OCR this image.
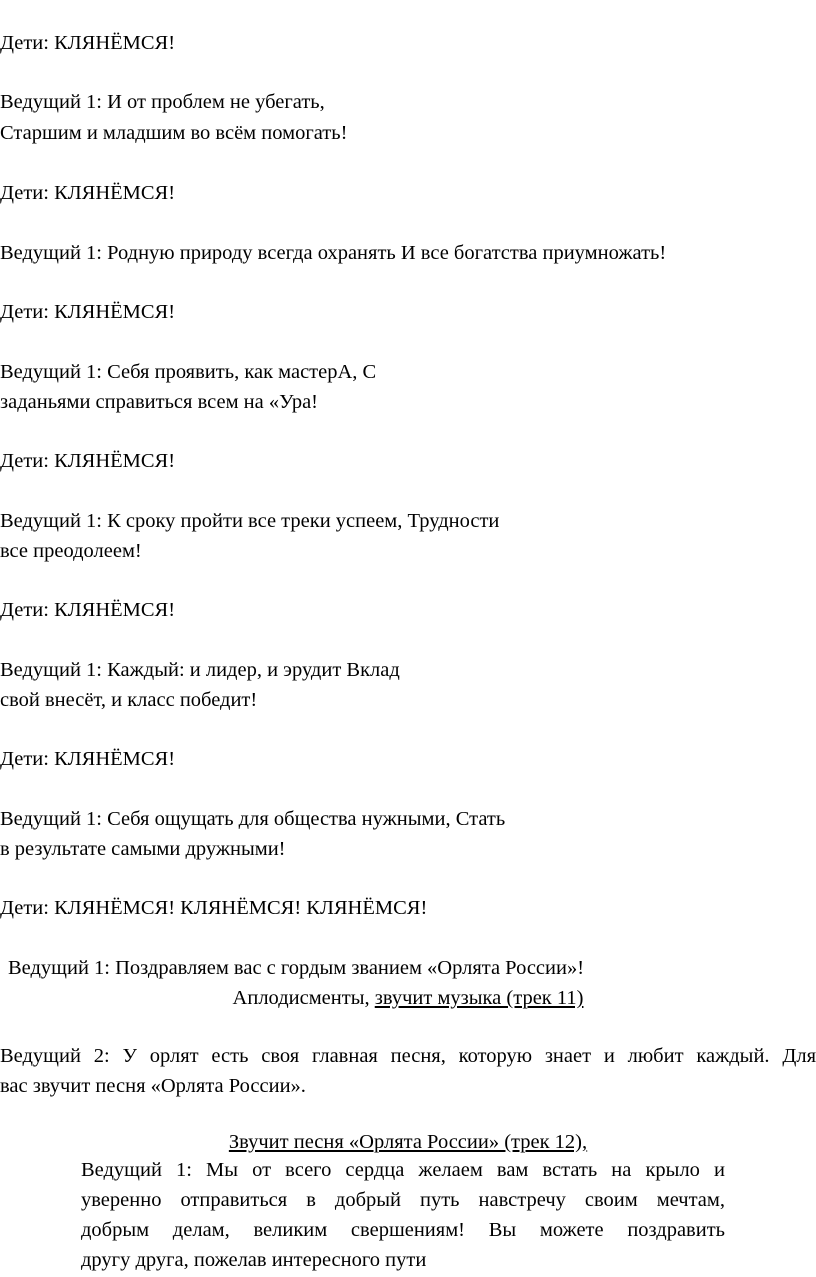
Дети: КЛЯНЁМСЯ!
Ведущий 1: И от проблем не убегать,
Старшим и младшим во всём помогать!
Дети: КЛЯНЁМСЯ!
Ведущий 1: Родную природу всегда охранять И все богатства приумножать!
Дети: КЛЯНЁМСЯ!
Ведущий 1: Себя проявить, как мастерА, С
заданьями справиться всем на «Ура!
Дети: КЛЯНЁМСЯ!
Ведущий 1: К сроку пройти все треки успеем, Трудности
все преодолеем!
Дети: КЛЯНЁМСЯ!
Ведущий 1: Каждый: и лидер, и эрудит Вклад
свой внесёт, и класс победит!
Дети: КЛЯНЁМСЯ!
Ведущий 1: Себя ощущать для общества нужными, Стать
в результате самыми дружными!
Дети: КЛЯНЁМСЯ! КЛЯНЁМСЯ! КЛЯНЁМСЯ!
Ведущий 1: Поздравляем вас с гордым званием «Орлята России»!
Аплодисменты, звучит музыка (трек 11)
Ведущий 2: У орлят есть своя главная песня, которую знает и любит каждый. Для
вас звучит песня «Орлята России».
Звучит песня «Орлята России» (трек 12),
Ведущий 1: Мы от всего сердца желаем вам встать на крыло и
уверенно отправиться в добрый путь навстречу своим мечтам,
добрым делам, великим свершениям! Вы можете поздравить
другу друга, пожелав интересного пути
